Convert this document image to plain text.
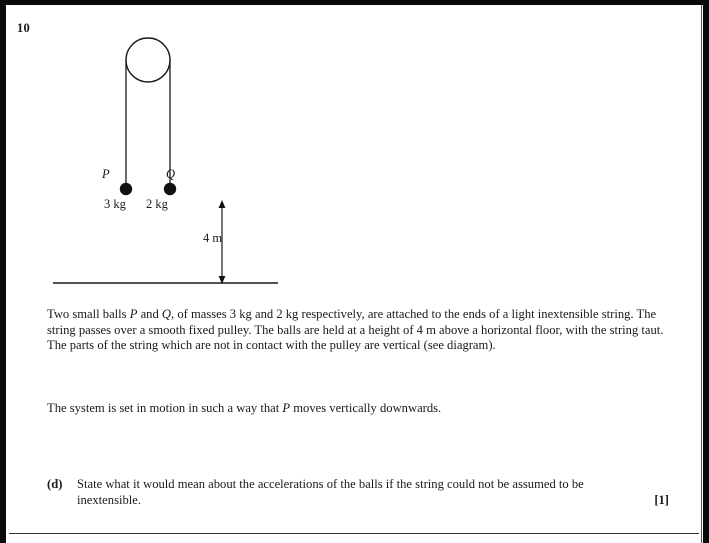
10
P	Q
3 kg 2 kg
4 m
Two small balls P and Q, of masses 3 kg and 2 kg respectively, are attached to the ends of a light inextensible string. The string passes over a smooth fixed pulley. The balls are held at a height of 4 m above a horizontal floor, with the string taut. The parts of the string which are not in contact with the pulley are vertical (see diagram).
The system is set in motion in such a way that P moves vertically downwards.
(d) State what it would mean about the accelerations of the balls if the string could not be assumed to be inextensible.	[1]
